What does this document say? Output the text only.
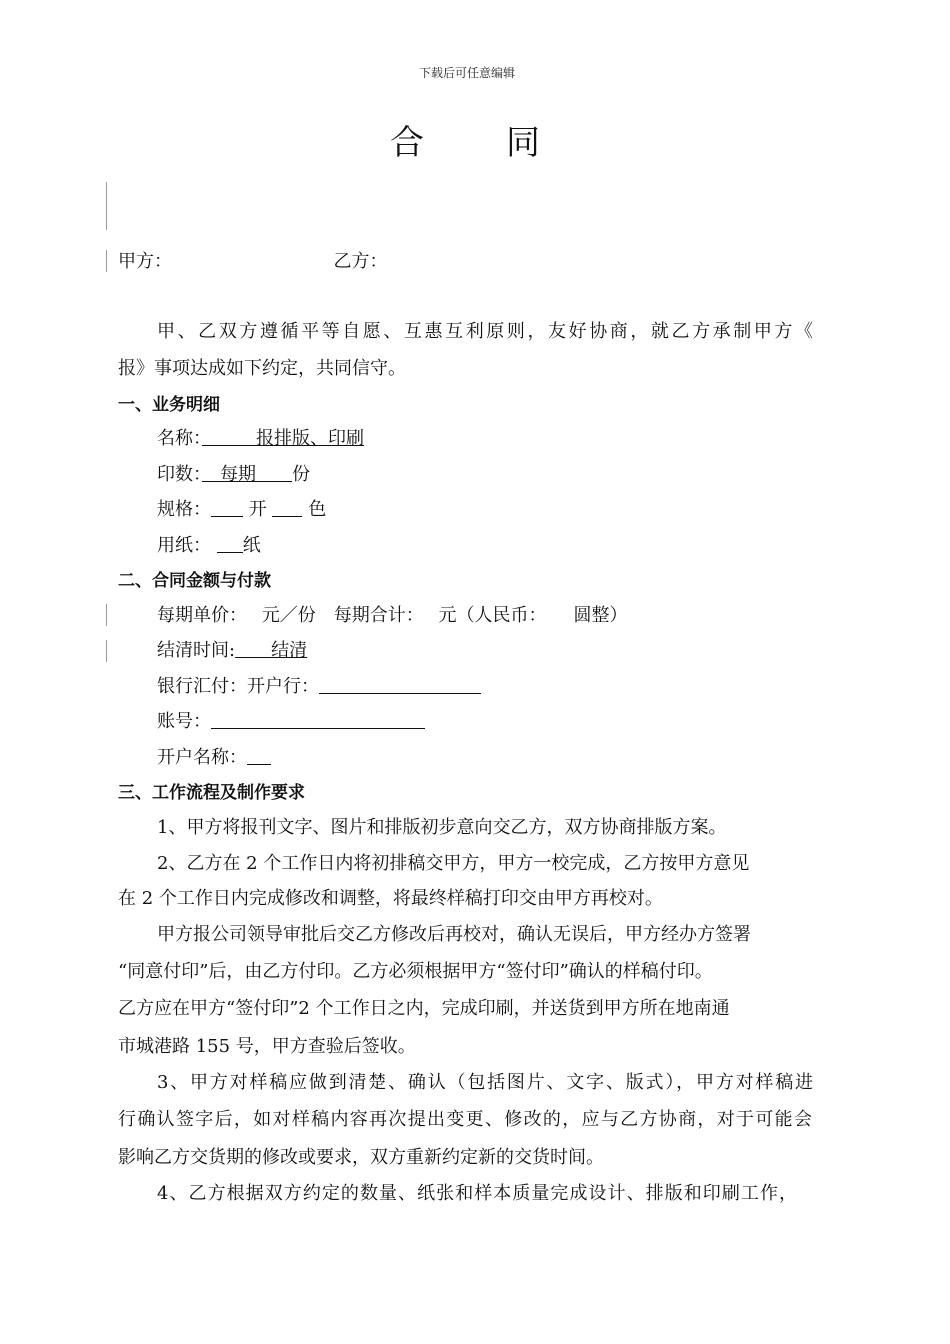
下载后可任意编辑
合 同
甲方：	乙方：
甲、乙双方遵循平等自愿、互惠互利原则，友好协商，就乙方承制甲方《
报》事项达成如下约定，共同信守。
一、业务明细
名称：　　　报排版、印刷
印数：　每期　　份
规格： 开 色
用纸： 纸
二、合同金额与付款
每期单价：　 元／份　每期合计：　 元（人民币：　　圆整）
结清时间:　　结清
银行汇付：开户行：
账号：
开户名称：
三、工作流程及制作要求
1、甲方将报刊文字、图片和排版初步意向交乙方，双方协商排版方案。
2、乙方在 2 个工作日内将初排稿交甲方，甲方一校完成，乙方按甲方意见
在 2 个工作日内完成修改和调整，将最终样稿打印交由甲方再校对。
甲方报公司领导审批后交乙方修改后再校对，确认无误后，甲方经办方签署
“同意付印”后，由乙方付印。乙方必须根据甲方“签付印”确认的样稿付印。
乙方应在甲方“签付印”2 个工作日之内，完成印刷，并送货到甲方所在地南通
市城港路 155 号，甲方查验后签收。
3、甲方对样稿应做到清楚、确认（包括图片、文字、版式），甲方对样稿进
行确认签字后，如对样稿内容再次提出变更、修改的，应与乙方协商，对于可能会
影响乙方交货期的修改或要求，双方重新约定新的交货时间。
4、乙方根据双方约定的数量、纸张和样本质量完成设计、排版和印刷工作，
